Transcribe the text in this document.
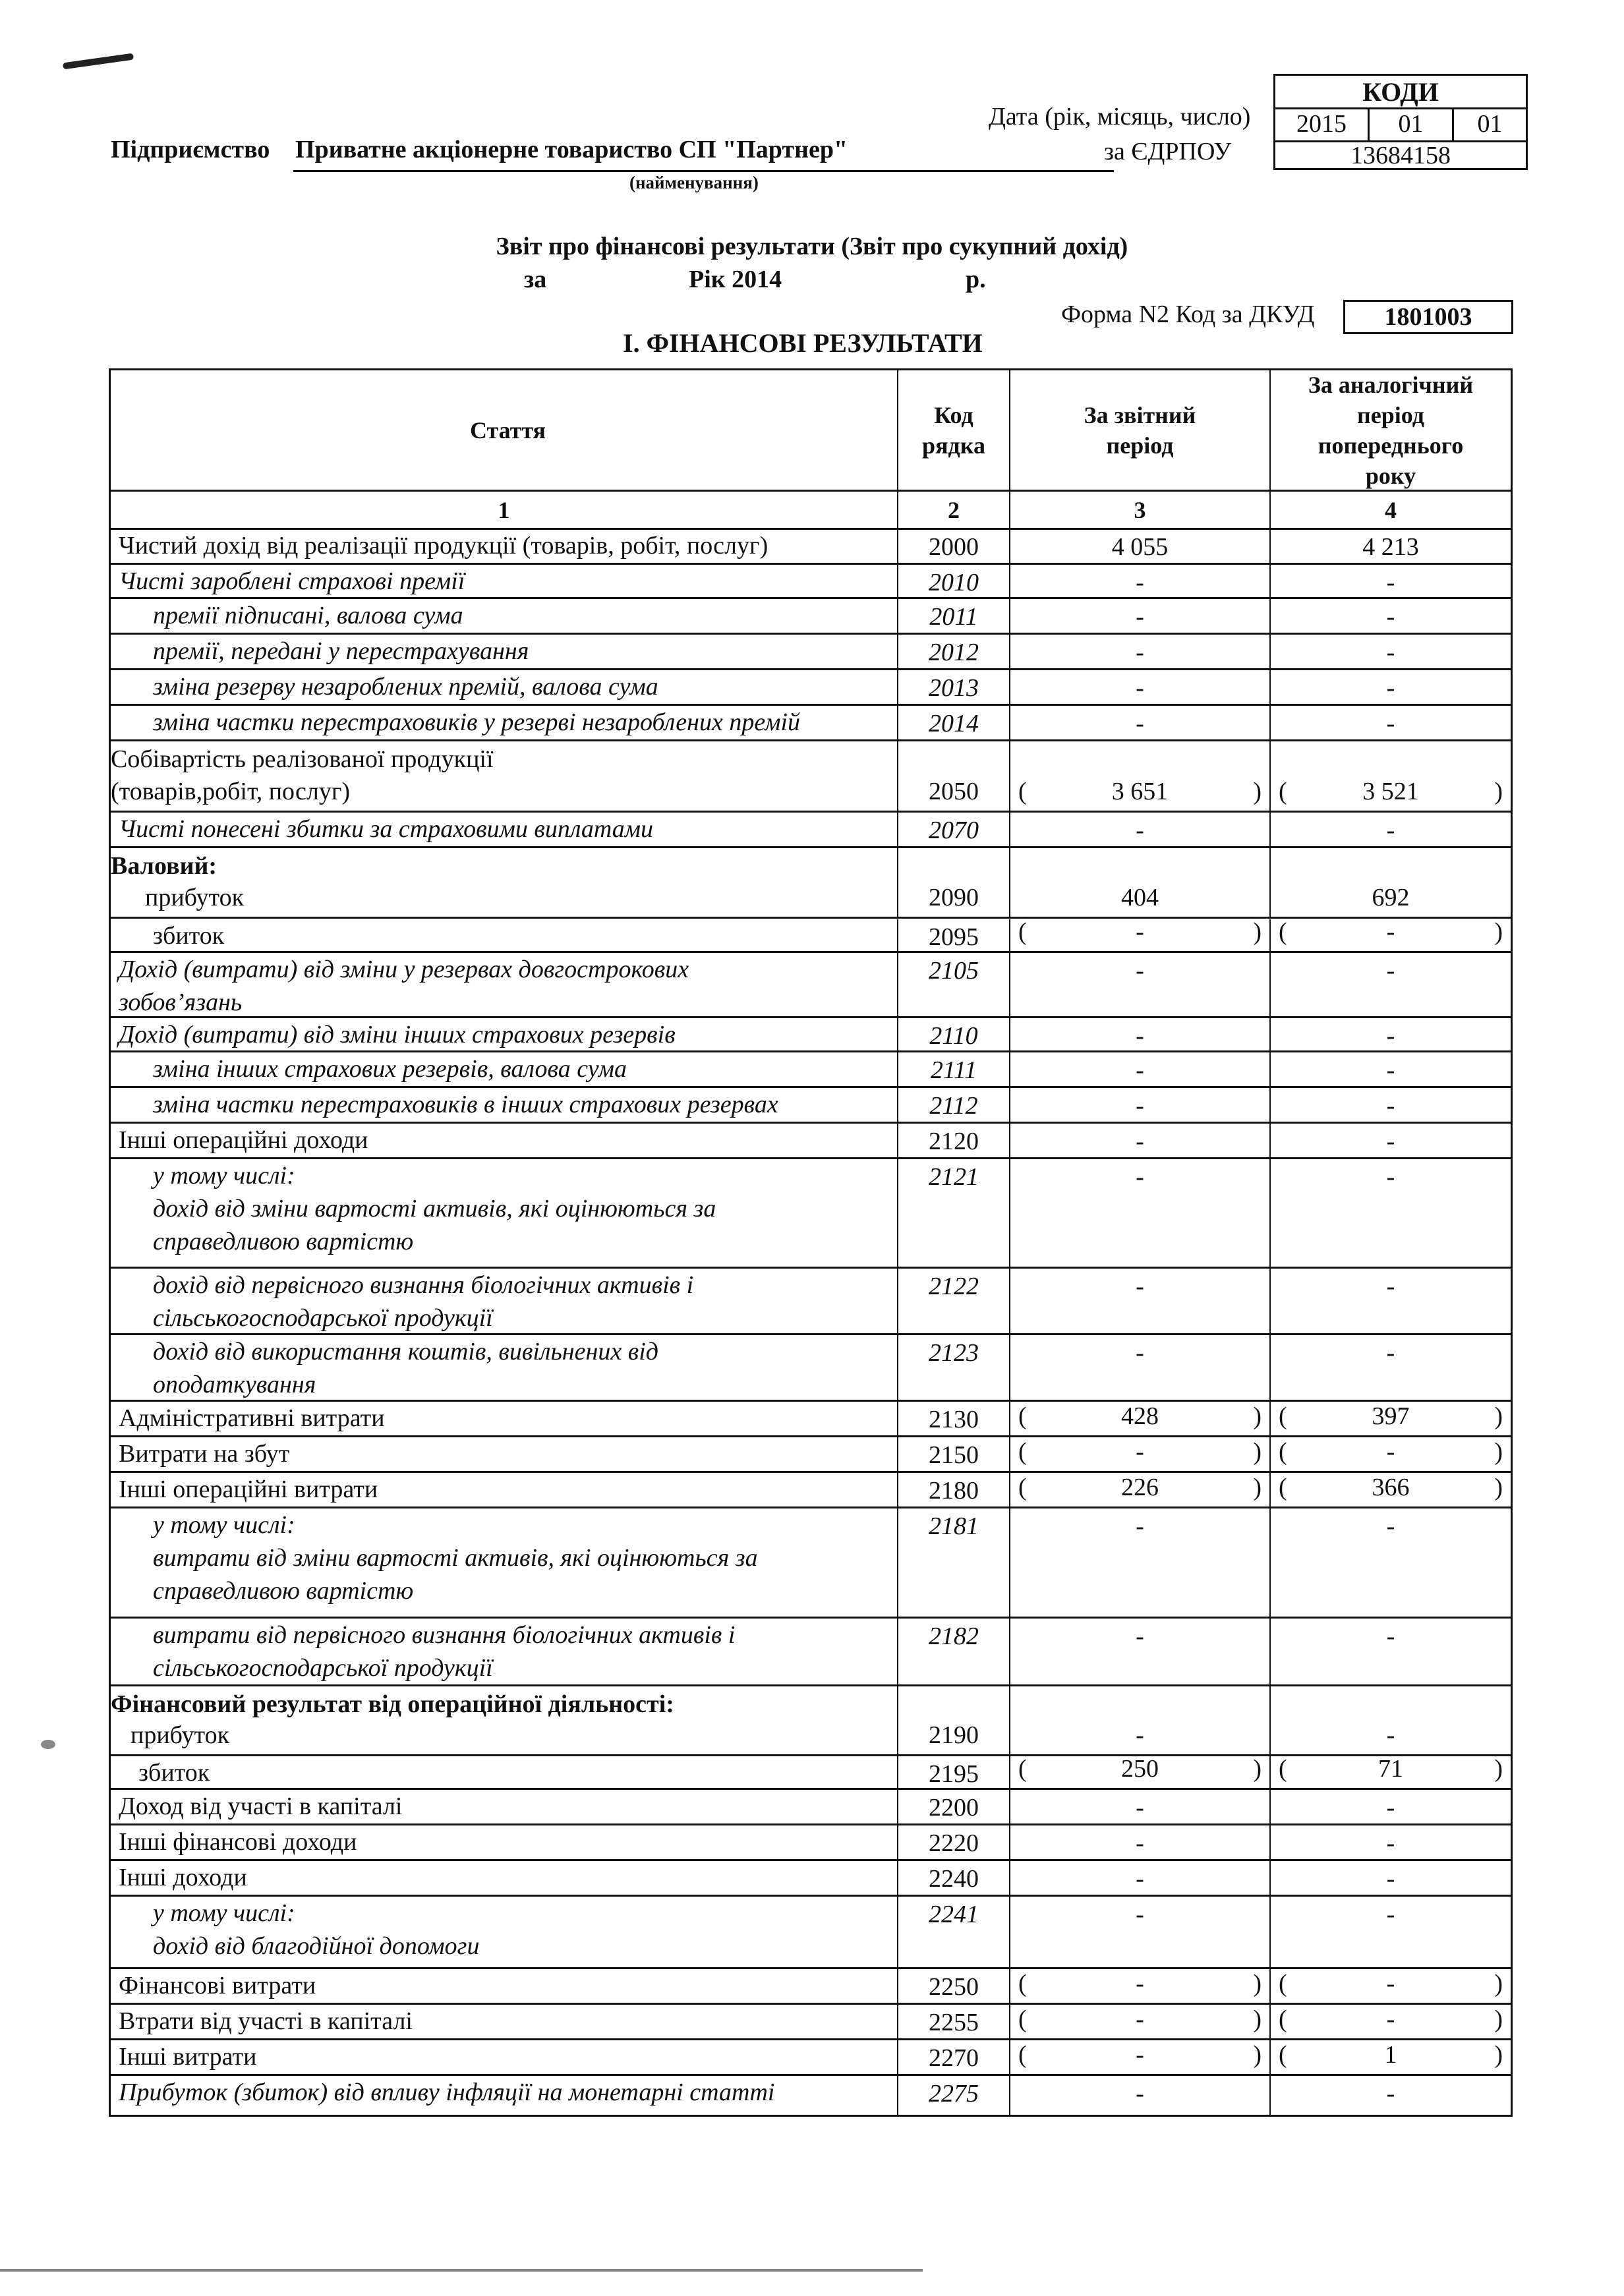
Підприємство Приватне акціонерне товариство СП "Партнер"
(найменування)
Дата (рік, місяць, число)
за ЄДРПОУ
КОДИ
2015	01	01
13684158
Звіт про фінансові результати (Звіт про сукупний дохід)
за	Рік 2014	р.
Форма N2 Код за ДКУД	1801003
І. ФІНАНСОВІ РЕЗУЛЬТАТИ
Стаття
Код рядка
За звітний період
За аналогічний період попереднього року
1	2	3	4
Чистий дохід від реалізації продукції (товарів, робіт, послуг)	2000	4 055	4 213
Чисті зароблені страхові премії	2010	-	-
премії підписані, валова сума	2011	-	-
премії, передані у перестрахування	2012	-	-
зміна резерву незароблених премій, валова сума	2013	-	-
зміна частки перестраховиків у резерві незароблених премій	2014	-	-
Собівартість реалізованої продукції
(товарів,робіт, послуг)	2050	(	3 651	) (	3 521	)
Чисті понесені збитки за страховими виплатами	2070	-	-
Валовий:
прибуток	2090	404	692
збиток	2095	(	-	) (	-	)
Дохід (витрати) від зміни у резервах довгострокових
зобов’язань
2105	-	-
Дохід (витрати) від зміни інших страхових резервів	2110	-	-
зміна інших страхових резервів, валова сума	2111	-	-
зміна частки перестраховиків в інших страхових резервах	2112	-	-
Інші операційні доходи	2120	-	-
у тому числі:
дохід від зміни вартості активів, які оцінюються за
справедливою вартістю
2121	-	-
дохід від первісного визнання біологічних активів і
сільськогосподарської продукції
2122	-	-
дохід від використання коштів, вивільнених від
оподаткування
2123	-	-
Адміністративні витрати	2130	(	428	) (	397	)
Витрати на збут	2150	(	-	) (	-	)
Інші операційні витрати	2180	(	226	) (	366	)
у тому числі:
витрати від зміни вартості активів, які оцінюються за
справедливою вартістю
2181	-	-
витрати від первісного визнання біологічних активів і
сільськогосподарської продукції
2182	-	-
Фінансовий результат від операційної діяльності:
прибуток	2190	-	-
збиток	2195	(	250	) (	71	)
Доход від участі в капіталі	2200	-	-
Інші фінансові доходи	2220	-	-
Інші доходи	2240	-	-
у тому числі:
дохід від благодійної допомоги
2241	-	-
Фінансові витрати	2250	(	-	) (	-	)
Втрати від участі в капіталі	2255	(	-	) (	-	)
Інші витрати	2270	(	-	) (	1	)
Прибуток (збиток) від впливу інфляції на монетарні статті	2275	-	-
